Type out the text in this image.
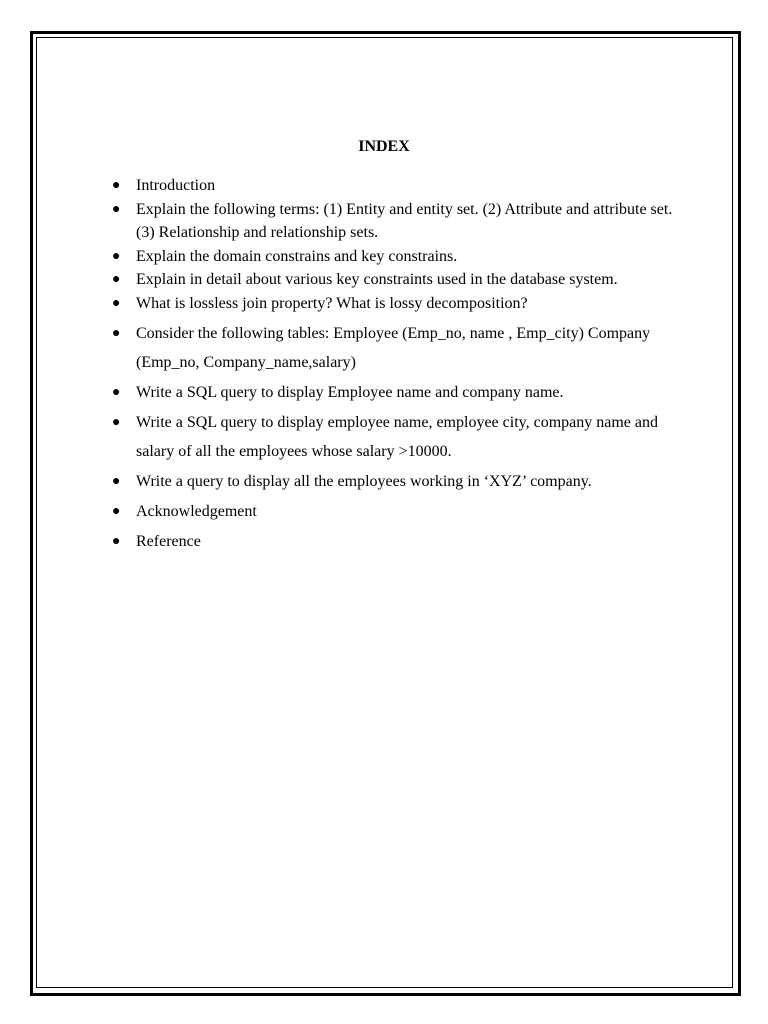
INDEX
● Introduction
● Explain the following terms: (1) Entity and entity set. (2) Attribute and attribute set. (3) Relationship and relationship sets.
● Explain the domain constrains and key constrains.
● Explain in detail about various key constraints used in the database system.
● What is lossless join property? What is lossy decomposition?
● Consider the following tables: Employee (Emp_no, name , Emp_city) Company (Emp_no, Company_name,salary)
● Write a SQL query to display Employee name and company name.
● Write a SQL query to display employee name, employee city, company name and salary of all the employees whose salary >10000.
● Write a query to display all the employees working in ‘XYZ’ company.
● Acknowledgement
● Reference
